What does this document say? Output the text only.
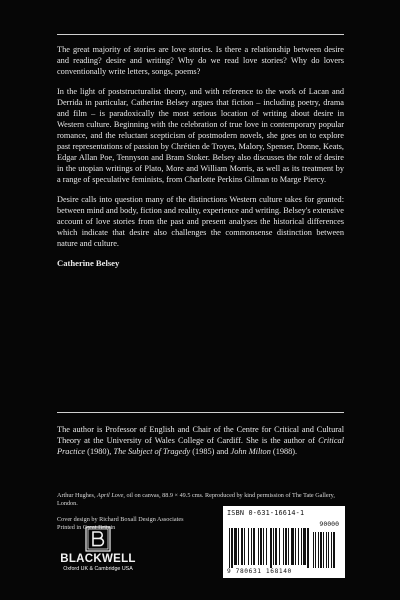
The great majority of stories are love stories. Is there a relationship between desire and reading? desire and writing? Why do we read love stories? Why do lovers conventionally write letters, songs, poems?

In the light of poststructuralist theory, and with reference to the work of Lacan and Derrida in particular, Catherine Belsey argues that fiction – including poetry, drama and film – is paradoxically the most serious location of writing about desire in Western culture. Beginning with the celebration of true love in contemporary popular romance, and the reluctant scepticism of postmodern novels, she goes on to explore past representations of passion by Chrétien de Troyes, Malory, Spenser, Donne, Keats, Edgar Allan Poe, Tennyson and Bram Stoker. Belsey also discusses the role of desire in the utopian writings of Plato, More and William Morris, as well as its treatment by a range of speculative feminists, from Charlotte Perkins Gilman to Marge Piercy.

Desire calls into question many of the distinctions Western culture takes for granted: between mind and body, fiction and reality, experience and writing. Belsey's extensive account of love stories from the past and present analyses the historical differences which indicate that desire also challenges the commonsense distinction between nature and culture.

Catherine Belsey

The author is Professor of English and Chair of the Centre for Critical and Cultural Theory at the University of Wales College of Cardiff. She is the author of Critical Practice (1980), The Subject of Tragedy (1985) and John Milton (1988).

Arthur Hughes, April Love, oil on canvas, 88.9 × 49.5 cms. Reproduced by kind permission of The Tate Gallery, London.

Cover design by Richard Boxall Design Associates
Printed in Great Britain

BLACKWELL
Oxford UK & Cambridge USA
ISBN 0-631-16614-1
90000
9 780631 168140
